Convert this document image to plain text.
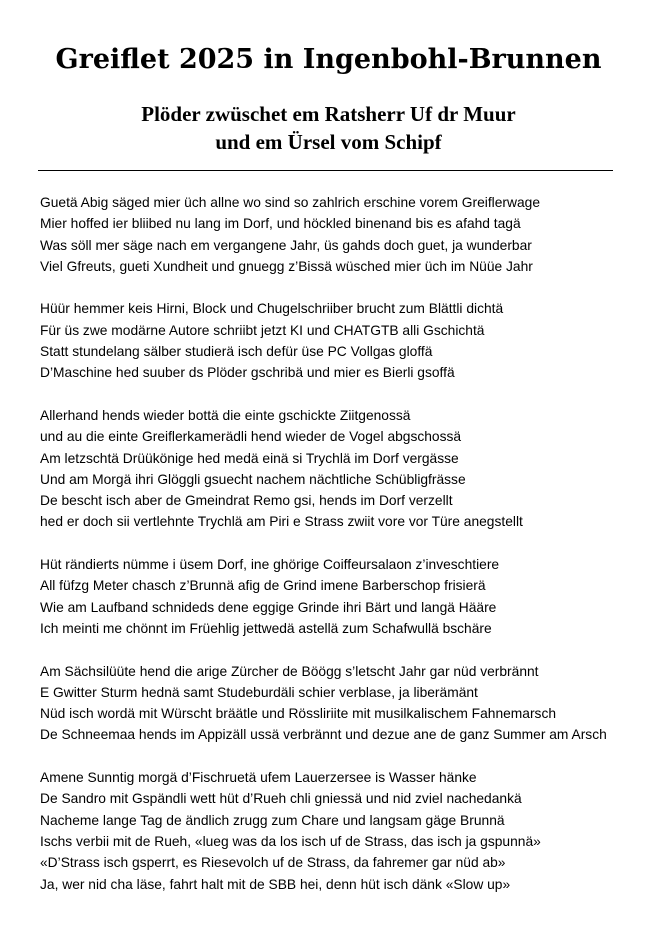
Greiflet 2025 in Ingenbohl-Brunnen
Plöder zwüschet em Ratsherr Uf dr Muur
und em Ürsel vom Schipf
Guetä Abig säged mier üch allne wo sind so zahlrich erschine vorem Greiflerwage
Mier hoffed ier bliibed nu lang im Dorf, und höckled binenand bis es afahd tagä
Was söll mer säge nach em vergangene Jahr, üs gahds doch guet, ja wunderbar
Viel Gfreuts, gueti Xundheit und gnuegg z’Bissä wüsched mier üch im Nüüe Jahr
Hüür hemmer keis Hirni, Block und Chugelschriiber brucht zum Blättli dichtä
Für üs zwe modärne Autore schriibt jetzt KI und CHATGTB alli Gschichtä
Statt stundelang sälber studierä isch defür üse PC Vollgas gloffä
D’Maschine hed suuber ds Plöder gschribä und mier es Bierli gsoffä
Allerhand hends wieder bottä die einte gschickte Ziitgenossä
und au die einte Greiflerkamerädli hend wieder de Vogel abgschossä
Am letzschtä Drüükönige hed medä einä si Trychlä im Dorf vergässe
Und am Morgä ihri Glöggli gsuecht nachem nächtliche Schübligfrässe
De bescht isch aber de Gmeindrat Remo gsi, hends im Dorf verzellt
hed er doch sii vertlehnte Trychlä am Piri e Strass zwiit vore vor Türe anegstellt
Hüt rändierts nümme i üsem Dorf, ine ghörige Coiffeursalaon z’inveschtiere
All füfzg Meter chasch z’Brunnä afig de Grind imene Barberschop frisierä
Wie am Laufband schnideds dene eggige Grinde ihri Bärt und langä Hääre
Ich meinti me chönnt im Früehlig jettwedä astellä zum Schafwullä bschäre
Am Sächsilüüte hend die arige Zürcher de Böögg s’letscht Jahr gar nüd verbrännt
E Gwitter Sturm hednä samt Studeburdäli schier verblase, ja liberämänt
Nüd isch wordä mit Würscht bräätle und Rössliriite mit musilkalischem Fahnemarsch
De Schneemaa hends im Appizäll ussä verbrännt und dezue ane de ganz Summer am Arsch
Amene Sunntig morgä d’Fischruetä ufem Lauerzersee is Wasser hänke
De Sandro mit Gspändli wett hüt d’Rueh chli gniessä und nid zviel nachedankä
Nacheme lange Tag de ändlich zrugg zum Chare und langsam gäge Brunnä
Ischs verbii mit de Rueh, «lueg was da los isch uf de Strass, das isch ja gspunnä»
«D’Strass isch gsperrt, es Riesevolch uf de Strass, da fahremer gar nüd ab»
Ja, wer nid cha läse, fahrt halt mit de SBB hei, denn hüt isch dänk «Slow up»
